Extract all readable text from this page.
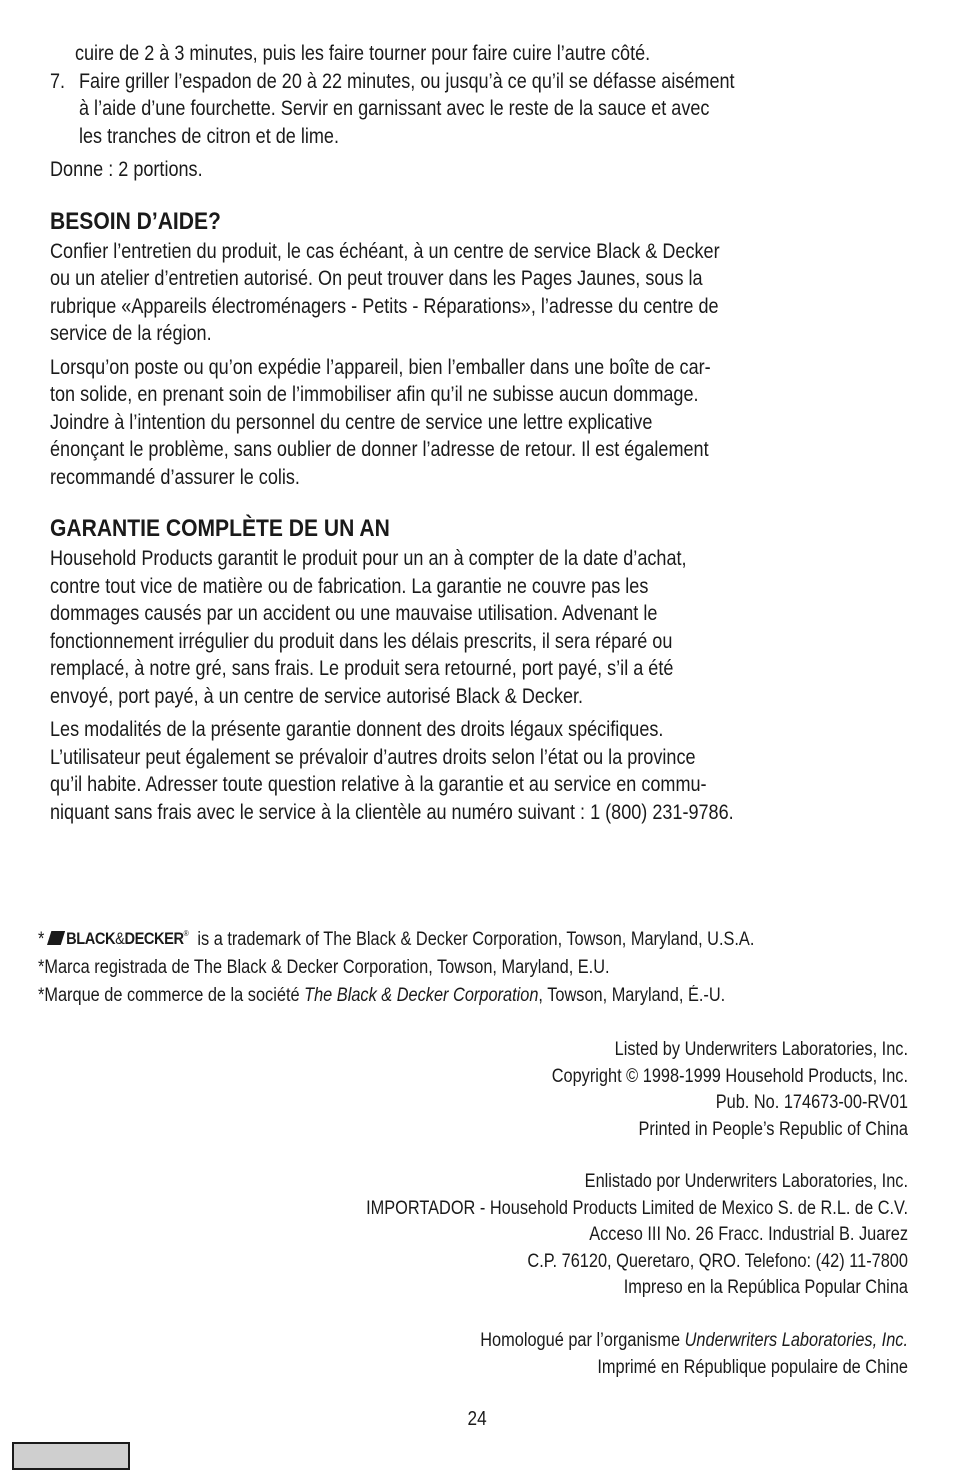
cuire de 2 à 3 minutes, puis les faire tourner pour faire cuire l’autre côté.
7. Faire griller l’espadon de 20 à 22 minutes, ou jusqu’à ce qu’il se défasse aisément
à l’aide d’une fourchette. Servir en garnissant avec le reste de la sauce et avec
les tranches de citron et de lime.
Donne : 2 portions.
BESOIN D’AIDE?
Confier l’entretien du produit, le cas échéant, à un centre de service Black & Decker
ou un atelier d’entretien autorisé. On peut trouver dans les Pages Jaunes, sous la
rubrique «Appareils électroménagers - Petits - Réparations», l’adresse du centre de
service de la région.
Lorsqu’on poste ou qu’on expédie l’appareil, bien l’emballer dans une boîte de car-
ton solide, en prenant soin de l’immobiliser afin qu’il ne subisse aucun dommage.
Joindre à l’intention du personnel du centre de service une lettre explicative
énonçant le problème, sans oublier de donner l’adresse de retour. Il est également
recommandé d’assurer le colis.
GARANTIE COMPLÈTE DE UN AN
Household Products garantit le produit pour un an à compter de la date d’achat,
contre tout vice de matière ou de fabrication. La garantie ne couvre pas les
dommages causés par un accident ou une mauvaise utilisation. Advenant le
fonctionnement irrégulier du produit dans les délais prescrits, il sera réparé ou
remplacé, à notre gré, sans frais. Le produit sera retourné, port payé, s’il a été
envoyé, port payé, à un centre de service autorisé Black & Decker.
Les modalités de la présente garantie donnent des droits légaux spécifiques.
L’utilisateur peut également se prévaloir d’autres droits selon l’état ou la province
qu’il habite. Adresser toute question relative à la garantie et au service en commu-
niquant sans frais avec le service à la clientèle au numéro suivant : 1 (800) 231-9786.
* BLACK&DECKER® is a trademark of The Black & Decker Corporation, Towson, Maryland, U.S.A.
*Marca registrada de The Black & Decker Corporation, Towson, Maryland, E.U.
*Marque de commerce de la société The Black & Decker Corporation, Towson, Maryland, É.-U.
Listed by Underwriters Laboratories, Inc.
Copyright © 1998-1999 Household Products, Inc.
Pub. No. 174673-00-RV01
Printed in People’s Republic of China
Enlistado por Underwriters Laboratories, Inc.
IMPORTADOR - Household Products Limited de Mexico S. de R.L. de C.V.
Acceso III No. 26 Fracc. Industrial B. Juarez
C.P. 76120, Queretaro, QRO. Telefono: (42) 11-7800
Impreso en la República Popular China
Homologué par l’organisme Underwriters Laboratories, Inc.
Imprimé en République populaire de Chine
24
